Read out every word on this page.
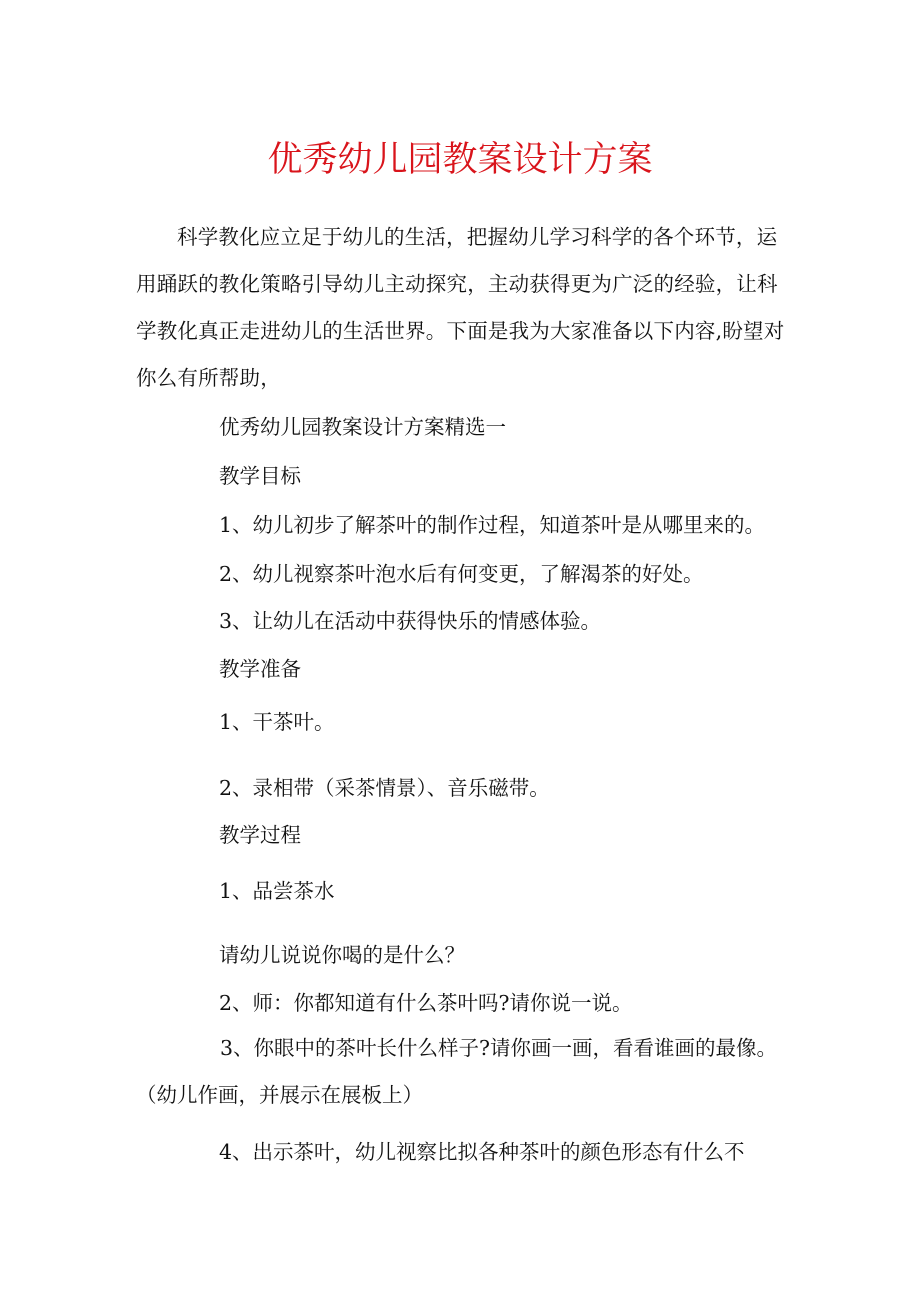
优秀幼儿园教案设计方案

科学教化应立足于幼儿的生活，把握幼儿学习科学的各个环节，运用踊跃的教化策略引导幼儿主动探究，主动获得更为广泛的经验，让科学教化真正走进幼儿的生活世界。下面是我为大家准备以下内容,盼望对你么有所帮助，

优秀幼儿园教案设计方案精选一
教学目标
1、幼儿初步了解茶叶的制作过程，知道茶叶是从哪里来的。
2、幼儿视察茶叶泡水后有何变更，了解渴茶的好处。
3、让幼儿在活动中获得快乐的情感体验。
教学准备
1、干茶叶。
2、录相带（采茶情景）、音乐磁带。
教学过程
1、品尝茶水
请幼儿说说你喝的是什么？
2、师：你都知道有什么茶叶吗?请你说一说。

3、你眼中的茶叶长什么样子?请你画一画，看看谁画的最像。（幼儿作画，并展示在展板上）

4、出示茶叶，幼儿视察比拟各种茶叶的颜色形态有什么不
